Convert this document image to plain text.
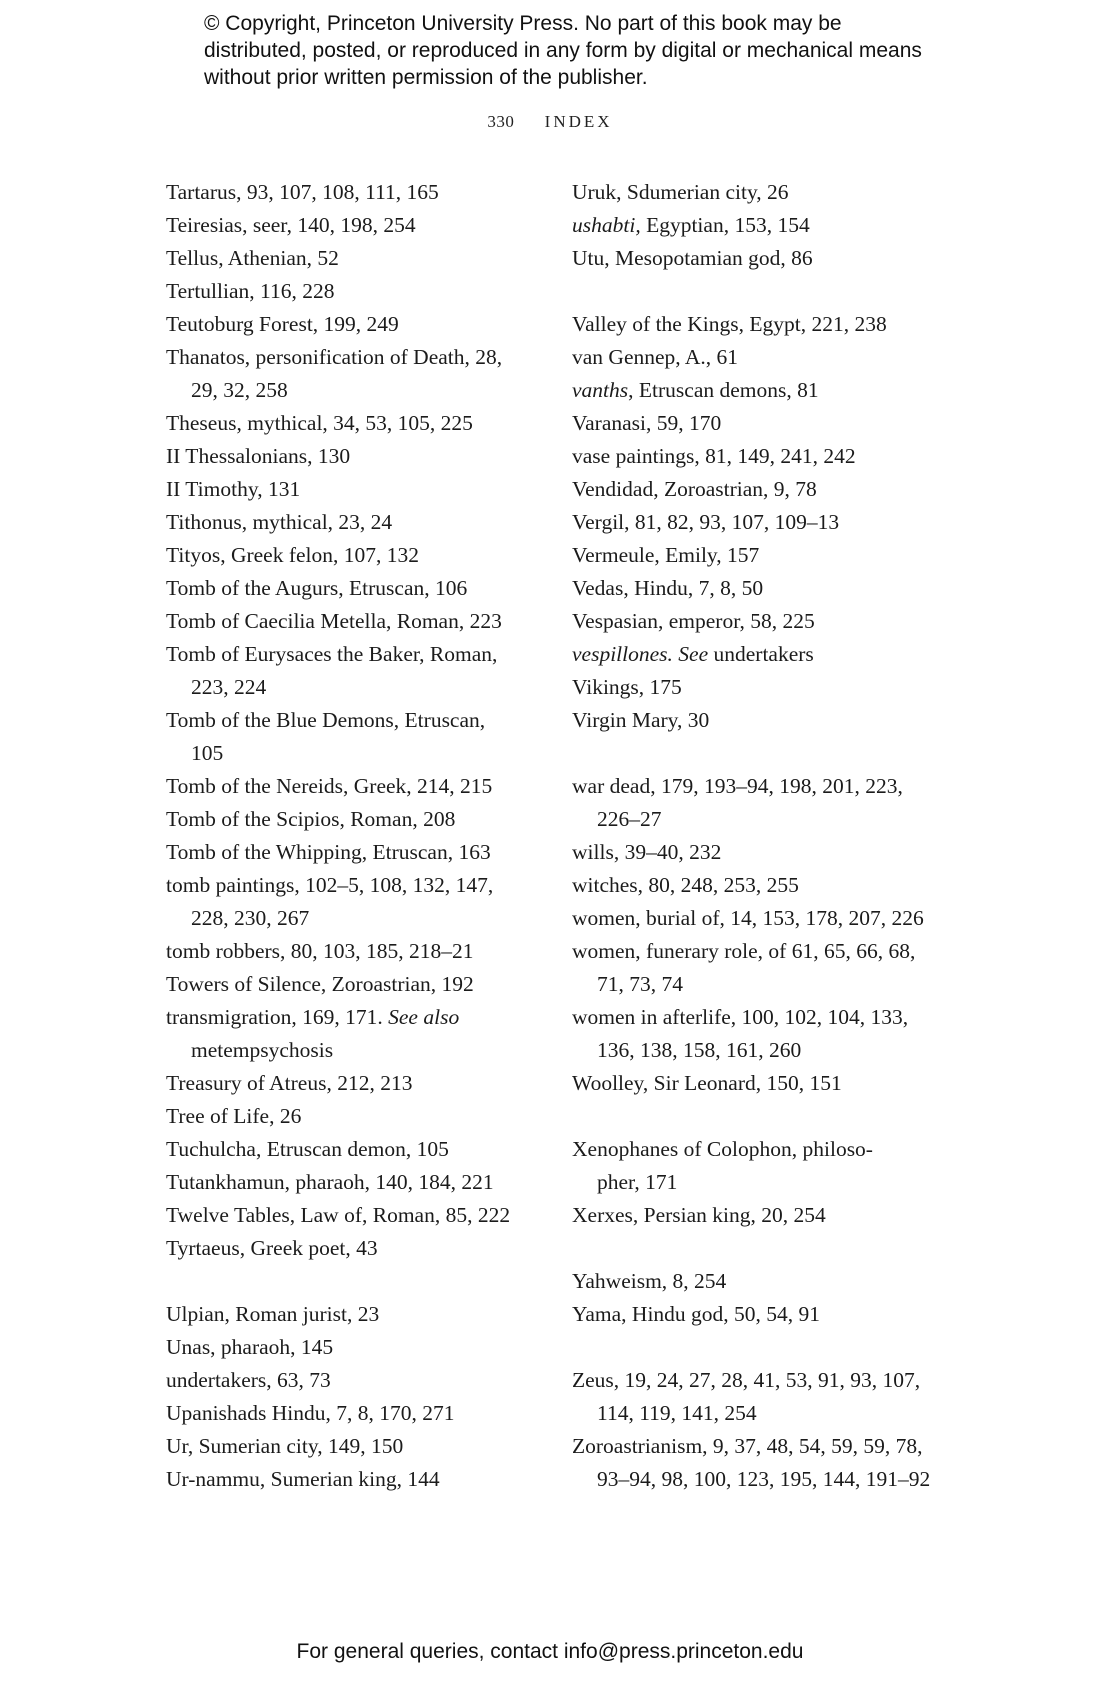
© Copyright, Princeton University Press. No part of this book may be distributed, posted, or reproduced in any form by digital or mechanical means without prior written permission of the publisher.
330 INDEX
Tartarus, 93, 107, 108, 111, 165
Teiresias, seer, 140, 198, 254
Tellus, Athenian, 52
Tertullian, 116, 228
Teutoburg Forest, 199, 249
Thanatos, personification of Death, 28,
29, 32, 258
Theseus, mythical, 34, 53, 105, 225
II Thessalonians, 130
II Timothy, 131
Tithonus, mythical, 23, 24
Tityos, Greek felon, 107, 132
Tomb of the Augurs, Etruscan, 106
Tomb of Caecilia Metella, Roman, 223
Tomb of Eurysaces the Baker, Roman,
223, 224
Tomb of the Blue Demons, Etruscan,
105
Tomb of the Nereids, Greek, 214, 215
Tomb of the Scipios, Roman, 208
Tomb of the Whipping, Etruscan, 163
tomb paintings, 102–5, 108, 132, 147,
228, 230, 267
tomb robbers, 80, 103, 185, 218–21
Towers of Silence, Zoroastrian, 192
transmigration, 169, 171. See also
metempsychosis
Treasury of Atreus, 212, 213
Tree of Life, 26
Tuchulcha, Etruscan demon, 105
Tutankhamun, pharaoh, 140, 184, 221
Twelve Tables, Law of, Roman, 85, 222
Tyrtaeus, Greek poet, 43
Ulpian, Roman jurist, 23
Unas, pharaoh, 145
undertakers, 63, 73
Upanishads Hindu, 7, 8, 170, 271
Ur, Sumerian city, 149, 150
Ur-nammu, Sumerian king, 144
Uruk, Sdumerian city, 26
ushabti, Egyptian, 153, 154
Utu, Mesopotamian god, 86
Valley of the Kings, Egypt, 221, 238
van Gennep, A., 61
vanths, Etruscan demons, 81
Varanasi, 59, 170
vase paintings, 81, 149, 241, 242
Vendidad, Zoroastrian, 9, 78
Vergil, 81, 82, 93, 107, 109–13
Vermeule, Emily, 157
Vedas, Hindu, 7, 8, 50
Vespasian, emperor, 58, 225
vespillones. See undertakers
Vikings, 175
Virgin Mary, 30
war dead, 179, 193–94, 198, 201, 223,
226–27
wills, 39–40, 232
witches, 80, 248, 253, 255
women, burial of, 14, 153, 178, 207, 226
women, funerary role, of 61, 65, 66, 68,
71, 73, 74
women in afterlife, 100, 102, 104, 133,
136, 138, 158, 161, 260
Woolley, Sir Leonard, 150, 151
Xenophanes of Colophon, philoso-
pher, 171
Xerxes, Persian king, 20, 254
Yahweism, 8, 254
Yama, Hindu god, 50, 54, 91
Zeus, 19, 24, 27, 28, 41, 53, 91, 93, 107,
114, 119, 141, 254
Zoroastrianism, 9, 37, 48, 54, 59, 59, 78,
93–94, 98, 100, 123, 195, 144, 191–92
For general queries, contact info@press.princeton.edu
